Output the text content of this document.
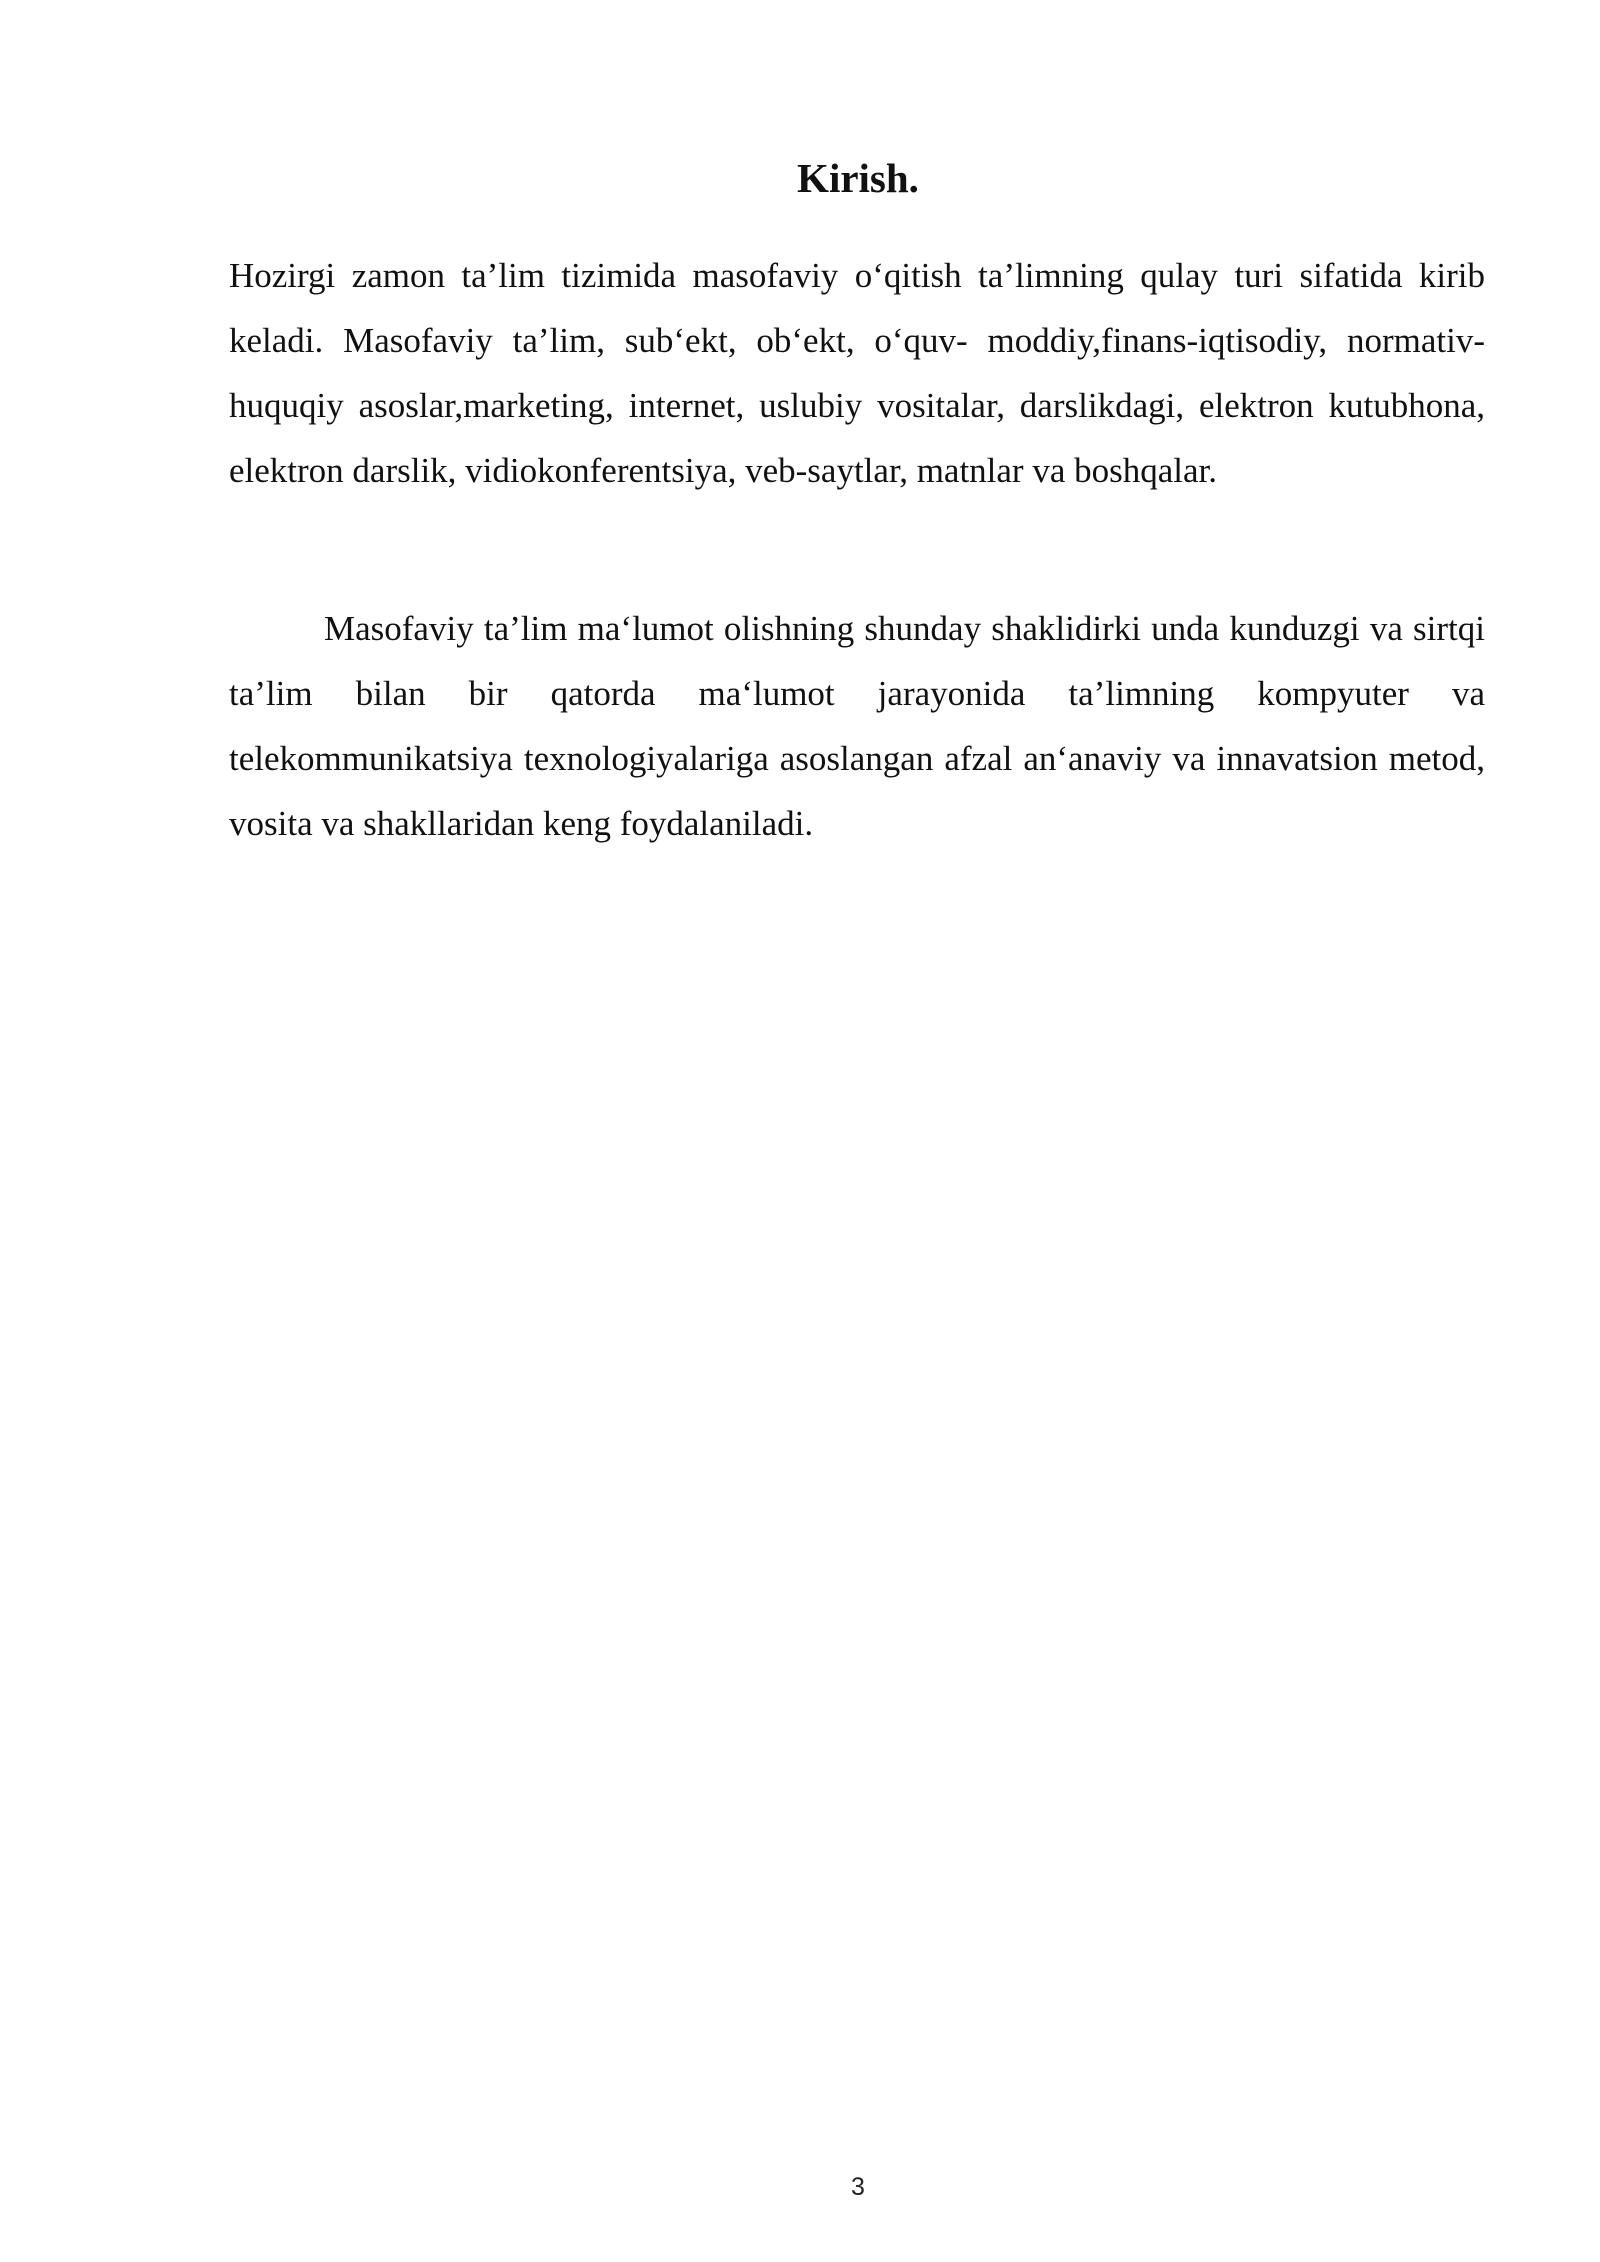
Kirish.

Hozirgi zamon ta’lim tizimida masofaviy o‘qitish ta’limning qulay turi sifatida kirib keladi. Masofaviy ta’lim, sub‘ekt, ob‘ekt, o‘quv- moddiy,finans-iqtisodiy, normativ-huquqiy asoslar,marketing, internet, uslubiy vositalar, darslikdagi, elektron kutubhona, elektron darslik, vidiokonferentsiya, veb-saytlar, matnlar va boshqalar.

Masofaviy ta’lim ma‘lumot olishning shunday shaklidirki unda kunduzgi va sirtqi ta’lim bilan bir qatorda ma‘lumot jarayonida ta’limning kompyuter va telekommunikatsiya texnologiyalariga asoslangan afzal an‘anaviy va innavatsion metod, vosita va shakllaridan keng foydalaniladi.

3
